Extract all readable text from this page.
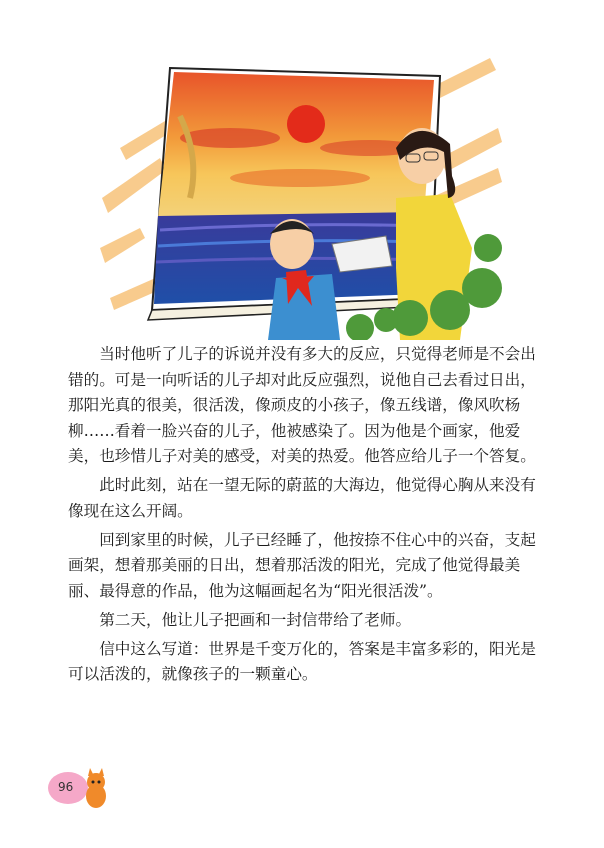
当时他听了儿子的诉说并没有多大的反应，只觉得老师是不会出错的。可是一向听话的儿子却对此反应强烈，说他自己去看过日出，那阳光真的很美，很活泼，像顽皮的小孩子，像五线谱，像风吹杨柳……看着一脸兴奋的儿子，他被感染了。因为他是个画家，他爱美，也珍惜儿子对美的感受，对美的热爱。他答应给儿子一个答复。

此时此刻，站在一望无际的蔚蓝的大海边，他觉得心胸从来没有像现在这么开阔。

回到家里的时候，儿子已经睡了，他按捺不住心中的兴奋，支起画架，想着那美丽的日出，想着那活泼的阳光，完成了他觉得最美丽、最得意的作品，他为这幅画起名为“阳光很活泼”。

第二天，他让儿子把画和一封信带给了老师。

信中这么写道：世界是千变万化的，答案是丰富多彩的，阳光是可以活泼的，就像孩子的一颗童心。

96
